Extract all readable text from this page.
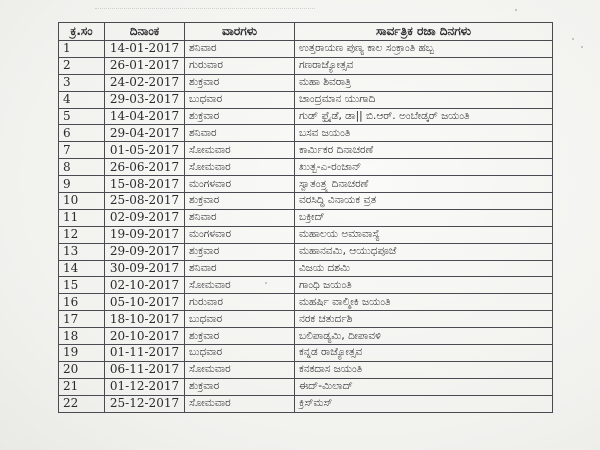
ಕ್ರ.ಸಂ	ದಿನಾಂಕ	ವಾರಗಳು	ಸಾರ್ವತ್ರಿಕ ರಜಾ ದಿನಗಳು
1	14-01-2017	ಶನಿವಾರ	ಉತ್ತರಾಯಣ ಪುಣ್ಯ ಕಾಲ ಸಂಕ್ರಾಂತಿ ಹಬ್ಬ
2	26-01-2017	ಗುರುವಾರ	ಗಣರಾಜ್ಯೋತ್ಸವ
3	24-02-2017	ಶುಕ್ರವಾರ	ಮಹಾ ಶಿವರಾತ್ರಿ
4	29-03-2017	ಬುಧವಾರ	ಚಾಂದ್ರಮಾನ ಯುಗಾದಿ
5	14-04-2017	ಶುಕ್ರವಾರ	ಗುಡ್ ಫ್ರೈಡೆ, ಡಾ|| ಬಿ.ಆರ್. ಅಂಬೇಡ್ಕರ್ ಜಯಂತಿ
6	29-04-2017	ಶನಿವಾರ	ಬಸವ ಜಯಂತಿ
7	01-05-2017	ಸೋಮವಾರ	ಕಾರ್ಮಿಕರ ದಿನಾಚರಣೆ
8	26-06-2017	ಸೋಮವಾರ	ಖುತ್ಬ-ಎ-ರಂಜಾನ್
9	15-08-2017	ಮಂಗಳವಾರ	ಸ್ವಾತಂತ್ರ್ಯ ದಿನಾಚರಣೆ
10	25-08-2017	ಶುಕ್ರವಾರ	ವರಸಿದ್ಧಿ ವಿನಾಯಕ ವ್ರತ
11	02-09-2017	ಶನಿವಾರ	ಬಕ್ರೀದ್
12	19-09-2017	ಮಂಗಳವಾರ	ಮಹಾಲಯ ಅಮಾವಾಸ್ಯೆ
13	29-09-2017	ಶುಕ್ರವಾರ	ಮಹಾನವಮಿ, ಆಯುಧಪೂಜೆ
14	30-09-2017	ಶನಿವಾರ	ವಿಜಯ ದಶಮಿ
15	02-10-2017	ಸೋಮವಾರ	ಗಾಂಧಿ ಜಯಂತಿ
16	05-10-2017	ಗುರುವಾರ	ಮಹರ್ಷಿ ವಾಲ್ಮೀಕಿ ಜಯಂತಿ
17	18-10-2017	ಬುಧವಾರ	ನರಕ ಚತುರ್ದಶಿ
18	20-10-2017	ಶುಕ್ರವಾರ	ಬಲಿಪಾಡ್ಯಮಿ, ದೀಪಾವಳಿ
19	01-11-2017	ಬುಧವಾರ	ಕನ್ನಡ ರಾಜ್ಯೋತ್ಸವ
20	06-11-2017	ಸೋಮವಾರ	ಕನಕದಾಸ ಜಯಂತಿ
21	01-12-2017	ಶುಕ್ರವಾರ	ಈದ್-ಮಿಲಾದ್
22	25-12-2017	ಸೋಮವಾರ	ಕ್ರಿಸ್‌ಮಸ್
